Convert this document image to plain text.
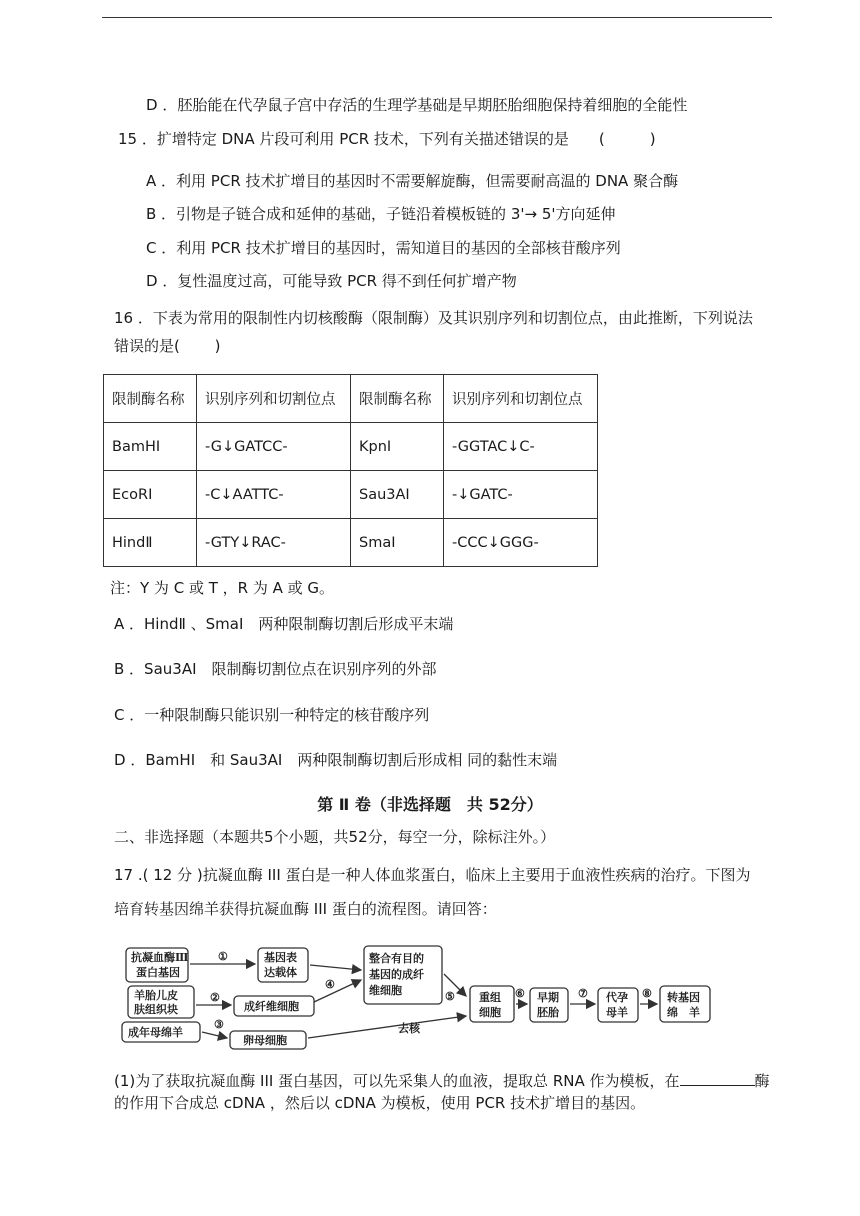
D ．胚胎能在代孕鼠子宫中存活的生理学基础是早期胚胎细胞保持着细胞的全能性
15 ．扩增特定 DNA 片段可利用 PCR 技术，下列有关描述错误的是　　(　　　)
A ．利用 PCR 技术扩增目的基因时不需要解旋酶，但需要耐高温的 DNA 聚合酶
B ．引物是子链合成和延伸的基础，子链沿着模板链的 3'→ 5'方向延伸
C ．利用 PCR 技术扩增目的基因时，需知道目的基因的全部核苷酸序列
D ．复性温度过高，可能导致 PCR 得不到任何扩增产物
16 ．下表为常用的限制性内切核酸酶（限制酶）及其识别序列和切割位点，由此推断，下列说法 错误的是(　　 )
限制酶名称	识别序列和切割位点	限制酶名称	识别序列和切割位点
BamHⅠ	-G↓GATCC-	KpnⅠ	-GGTAC↓C-
EcoRⅠ	-C↓AATTC-	Sau3AⅠ	-↓GATC-
HindⅡ	-GTY↓RAC-	SmaⅠ	-CCC↓GGG-
注：Y 为 C 或 T ，R 为 A 或 G。
A ．HindⅡ 、SmaⅠ　两种限制酶切割后形成平末端
B ．Sau3AⅠ　限制酶切割位点在识别序列的外部
C ．一种限制酶只能识别一种特定的核苷酸序列
D ．BamHⅠ　和 Sau3AⅠ　两种限制酶切割后形成相 同的黏性末端
第 Ⅱ 卷（非选择题　共 52分）
二、非选择题（本题共5个小题，共52分，每空一分，除标注外。）
17 .( 12 分 )抗凝血酶 III 蛋白是一种人体血浆蛋白，临床上主要用于血液性疾病的治疗。下图为 培育转基因绵羊获得抗凝血酶 III 蛋白的流程图。请回答：
抗凝血酶Ⅲ
蛋白基因
基因表
达载体
羊胎儿皮
肤组织块	成纤维细胞
成年母绵羊
卵母细胞
整合有目的
基因的成纤
维细胞
重组
细胞
早期
胚胎
代孕
母羊
转基因
绵　羊
①
②
③
④
⑤	⑥	⑦	⑧
去核
(1)为了获取抗凝血酶 III 蛋白基因，可以先采集人的血液，提取总 RNA 作为模板，在	酶
的作用下合成总 cDNA ，然后以 cDNA 为模板，使用 PCR 技术扩增目的基因。
